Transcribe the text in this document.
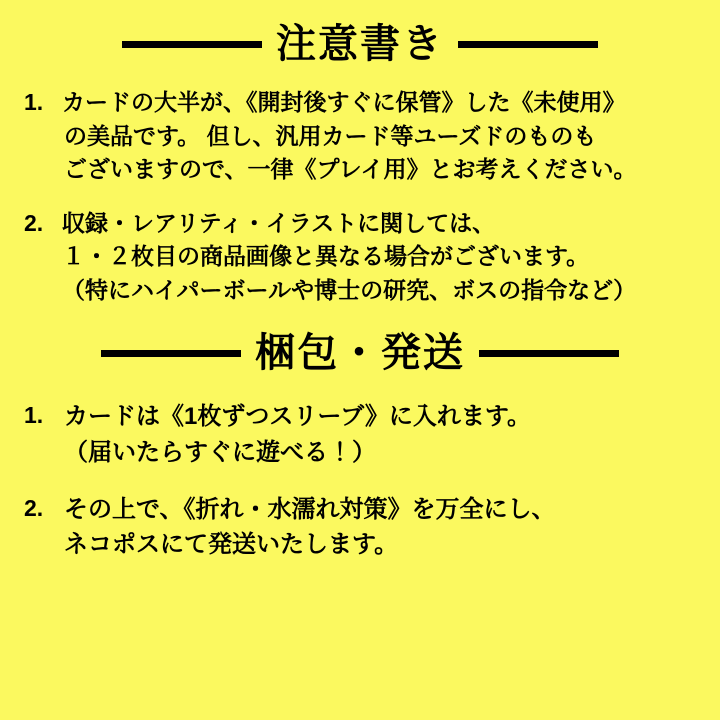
注意書き
1. カードの大半が、《開封後すぐに保管》した《未使用》
の美品です。 但し、汎用カード等ユーズドのものも
ございますので、一律《プレイ用》とお考えください。
2. 収録・レアリティ・イラストに関しては、
１・２枚目の商品画像と異なる場合がございます。
（特にハイパーボールや博士の研究、ボスの指令など）
梱包・発送
1. カードは《1枚ずつスリーブ》に入れます。
（届いたらすぐに遊べる！）
2. その上で、《折れ・水濡れ対策》を万全にし、
ネコポスにて発送いたします。
